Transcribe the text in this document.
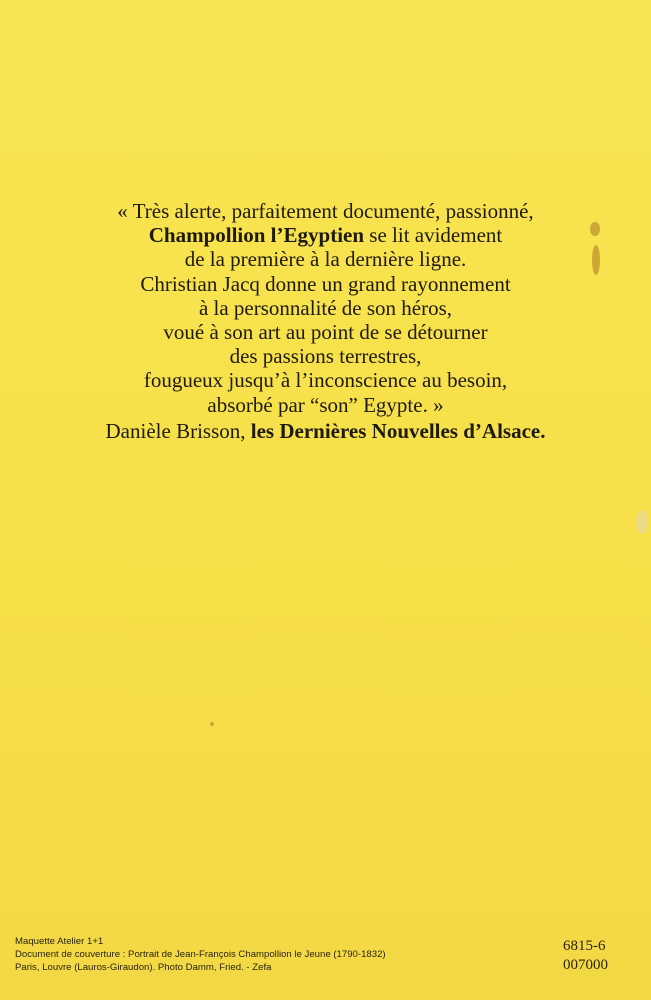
« Très alerte, parfaitement documenté, passionné,
Champollion l’Egyptien se lit avidement
de la première à la dernière ligne.
Christian Jacq donne un grand rayonnement
à la personnalité de son héros,
voué à son art au point de se détourner
des passions terrestres,
fougueux jusqu’à l’inconscience au besoin,
absorbé par “son” Egypte. »
Danièle Brisson, les Dernières Nouvelles d’Alsace.
Maquette Atelier 1+1
Document de couverture : Portrait de Jean-François Champollion le Jeune (1790-1832)
Paris, Louvre (Lauros-Giraudon). Photo Damm, Fried. - Zefa
6815-6
007000
